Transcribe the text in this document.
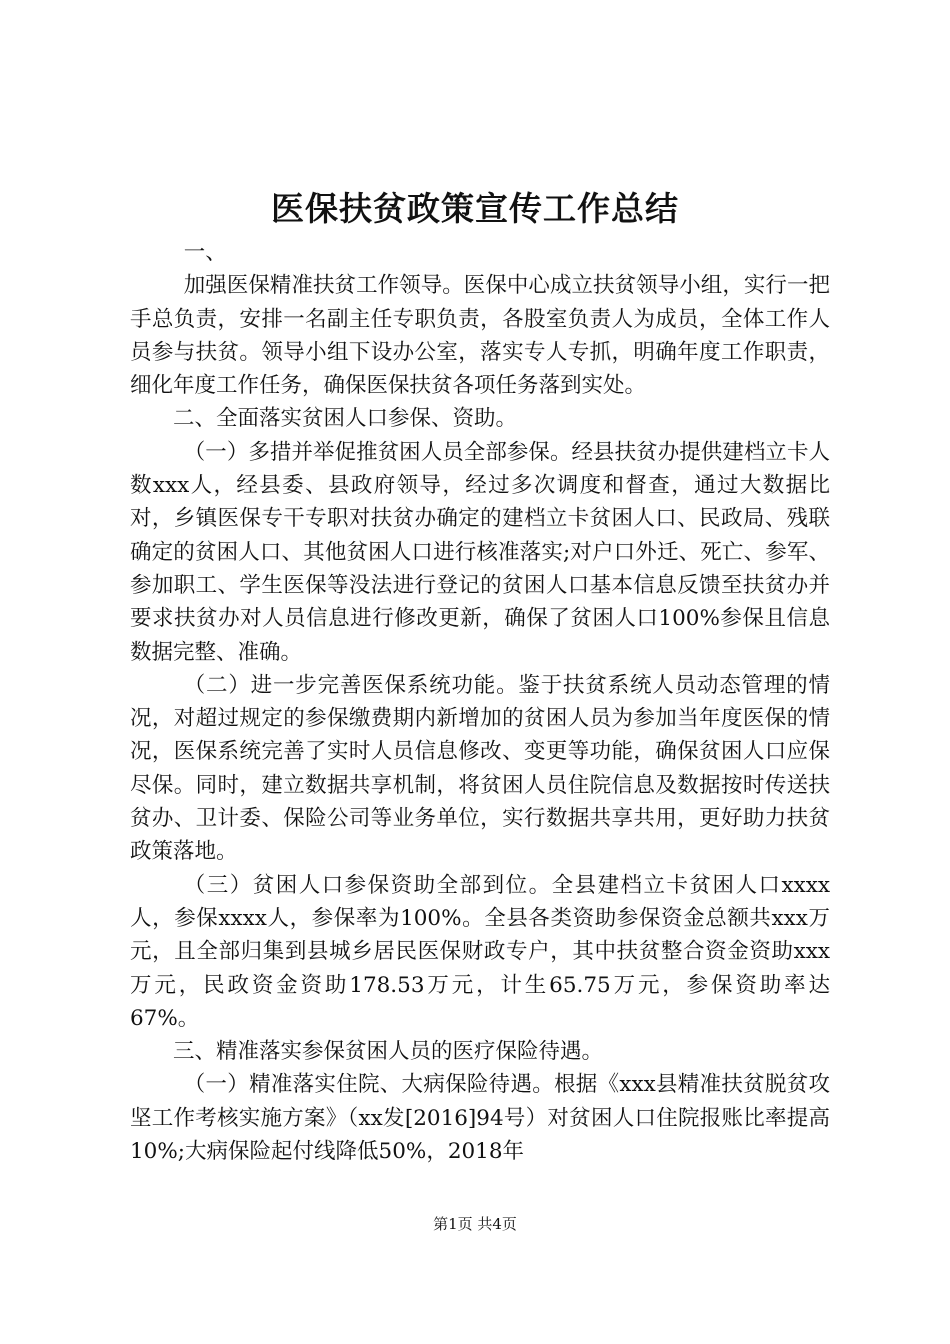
医保扶贫政策宣传工作总结

一、

加强医保精准扶贫工作领导。医保中心成立扶贫领导小组，实行一把手总负责，安排一名副主任专职负责，各股室负责人为成员，全体工作人员参与扶贫。领导小组下设办公室，落实专人专抓，明确年度工作职责，细化年度工作任务，确保医保扶贫各项任务落到实处。

二、全面落实贫困人口参保、资助。

（一）多措并举促推贫困人员全部参保。经县扶贫办提供建档立卡人数xxx人，经县委、县政府领导，经过多次调度和督查，通过大数据比对，乡镇医保专干专职对扶贫办确定的建档立卡贫困人口、民政局、残联确定的贫困人口、其他贫困人口进行核准落实;对户口外迁、死亡、参军、参加职工、学生医保等没法进行登记的贫困人口基本信息反馈至扶贫办并要求扶贫办对人员信息进行修改更新，确保了贫困人口100%参保且信息数据完整、准确。

（二）进一步完善医保系统功能。鉴于扶贫系统人员动态管理的情况，对超过规定的参保缴费期内新增加的贫困人员为参加当年度医保的情况，医保系统完善了实时人员信息修改、变更等功能，确保贫困人口应保尽保。同时，建立数据共享机制，将贫困人员住院信息及数据按时传送扶贫办、卫计委、保险公司等业务单位，实行数据共享共用，更好助力扶贫政策落地。

（三）贫困人口参保资助全部到位。全县建档立卡贫困人口xxxx人，参保xxxx人，参保率为100%。全县各类资助参保资金总额共xxx万元，且全部归集到县城乡居民医保财政专户，其中扶贫整合资金资助xxx万元，民政资金资助178.53万元，计生65.75万元，参保资助率达67%。

三、精准落实参保贫困人员的医疗保险待遇。

（一）精准落实住院、大病保险待遇。根据《xxx县精准扶贫脱贫攻坚工作考核实施方案》（xx发[2016]94号）对贫困人口住院报账比率提高10%;大病保险起付线降低50%，2018年

第1页 共4页
